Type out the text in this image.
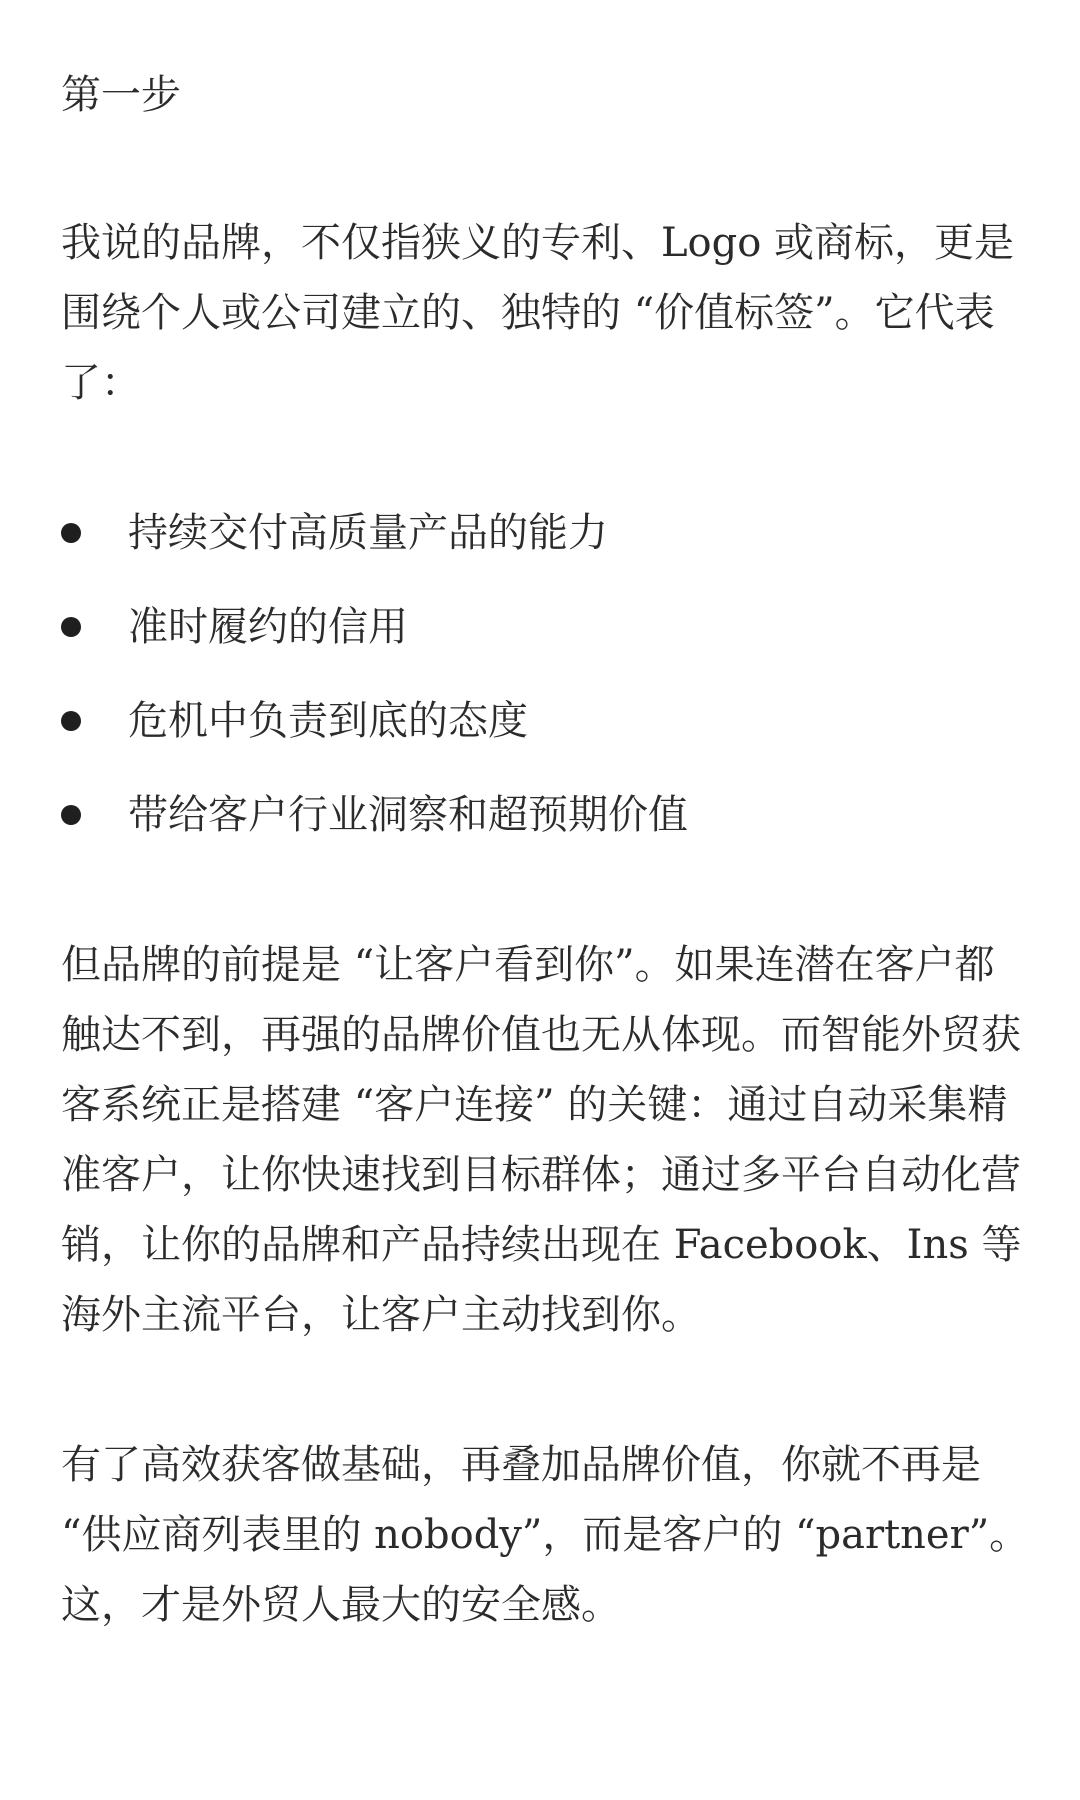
第一步

我说的品牌，不仅指狭义的专利、Logo 或商标，更是围绕个人或公司建立的、独特的 “价值标签”。它代表了：

持续交付高质量产品的能力
准时履约的信用
危机中负责到底的态度
带给客户行业洞察和超预期价值

但品牌的前提是 “让客户看到你”。如果连潜在客户都触达不到，再强的品牌价值也无从体现。而智能外贸获客系统正是搭建 “客户连接” 的关键：通过自动采集精准客户，让你快速找到目标群体；通过多平台自动化营销，让你的品牌和产品持续出现在 Facebook、Ins 等海外主流平台，让客户主动找到你。

有了高效获客做基础，再叠加品牌价值，你就不再是 “供应商列表里的 nobody”，而是客户的 “partner”。这，才是外贸人最大的安全感。
